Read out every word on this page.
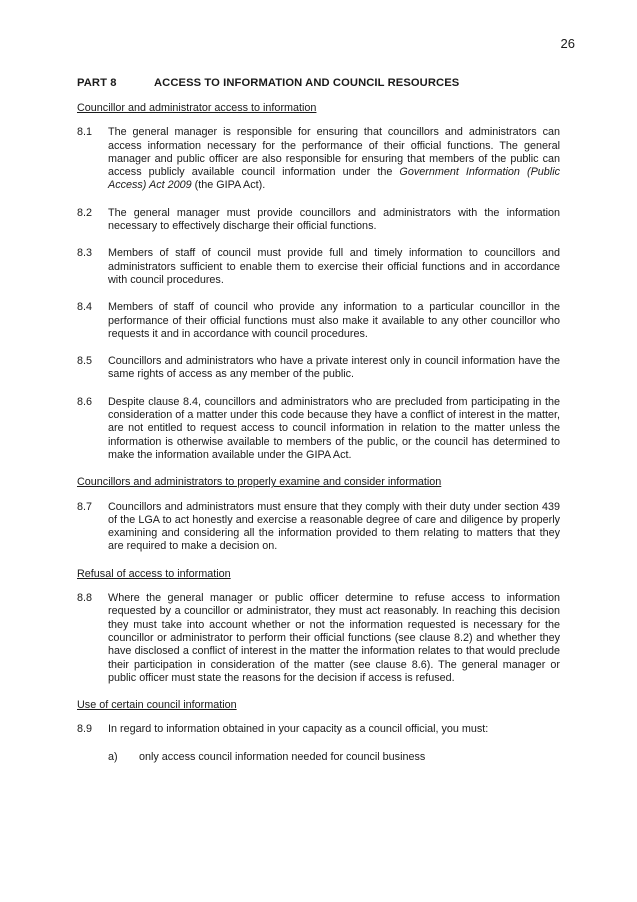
26
PART 8	ACCESS TO INFORMATION AND COUNCIL RESOURCES
Councillor and administrator access to information
8.1	The general manager is responsible for ensuring that councillors and administrators can access information necessary for the performance of their official functions. The general manager and public officer are also responsible for ensuring that members of the public can access publicly available council information under the Government Information (Public Access) Act 2009 (the GIPA Act).
8.2	The general manager must provide councillors and administrators with the information necessary to effectively discharge their official functions.
8.3	Members of staff of council must provide full and timely information to councillors and administrators sufficient to enable them to exercise their official functions and in accordance with council procedures.
8.4	Members of staff of council who provide any information to a particular councillor in the performance of their official functions must also make it available to any other councillor who requests it and in accordance with council procedures.
8.5	Councillors and administrators who have a private interest only in council information have the same rights of access as any member of the public.
8.6	Despite clause 8.4, councillors and administrators who are precluded from participating in the consideration of a matter under this code because they have a conflict of interest in the matter, are not entitled to request access to council information in relation to the matter unless the information is otherwise available to members of the public, or the council has determined to make the information available under the GIPA Act.
Councillors and administrators to properly examine and consider information
8.7	Councillors and administrators must ensure that they comply with their duty under section 439 of the LGA to act honestly and exercise a reasonable degree of care and diligence by properly examining and considering all the information provided to them relating to matters that they are required to make a decision on.
Refusal of access to information
8.8	Where the general manager or public officer determine to refuse access to information requested by a councillor or administrator, they must act reasonably. In reaching this decision they must take into account whether or not the information requested is necessary for the councillor or administrator to perform their official functions (see clause 8.2) and whether they have disclosed a conflict of interest in the matter the information relates to that would preclude their participation in consideration of the matter (see clause 8.6). The general manager or public officer must state the reasons for the decision if access is refused.
Use of certain council information
8.9	In regard to information obtained in your capacity as a council official, you must:
a)	only access council information needed for council business
